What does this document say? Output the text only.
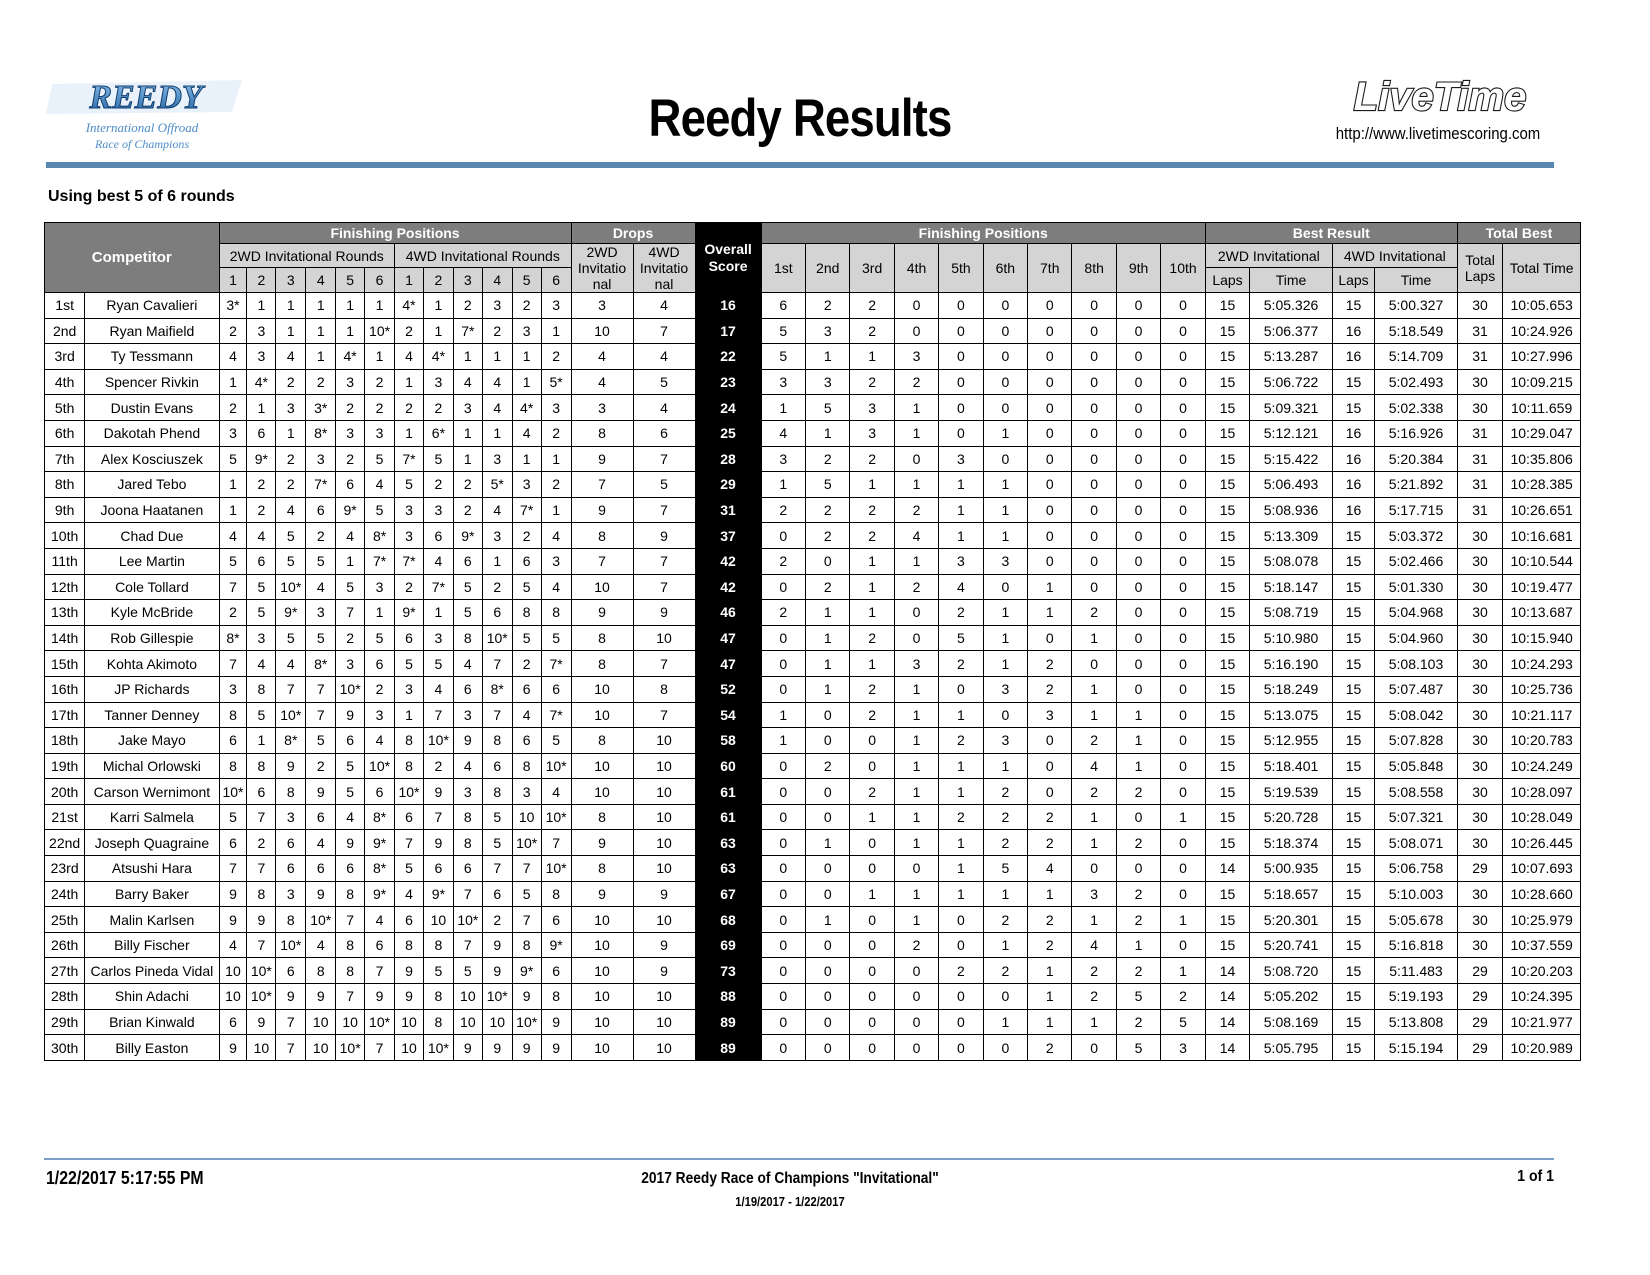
REEDY
International Offroad
Race of Champions	Reedy Results	LiveTime
http://www.livetimescoring.com
Using best 5 of 6 rounds
Competitor		Finishing Positions												Drops		Overall Score	Finishing Positions										Best Result				Total Best	
		2WD Invitational Rounds						4WD Invitational Rounds						2WD Invitatio nal	4WD Invitatio nal		1st	2nd	3rd	4th	5th	6th	7th	8th	9th	10th	2WD Invitational		4WD Invitational		Total Laps	Total Time
		1	2	3	4	5	6	1	2	3	4	5	6														Laps	Time	Laps	Time		
1st	Ryan Cavalieri	3*	1	1	1	1	1	4*	1	2	3	2	3	3	4	16	6	2	2	0	0	0	0	0	0	0	15	5:05.326	15	5:00.327	30	10:05.653
2nd	Ryan Maifield	2	3	1	1	1	10*	2	1	7*	2	3	1	10	7	17	5	3	2	0	0	0	0	0	0	0	15	5:06.377	16	5:18.549	31	10:24.926
3rd	Ty Tessmann	4	3	4	1	4*	1	4	4*	1	1	1	2	4	4	22	5	1	1	3	0	0	0	0	0	0	15	5:13.287	16	5:14.709	31	10:27.996
4th	Spencer Rivkin	1	4*	2	2	3	2	1	3	4	4	1	5*	4	5	23	3	3	2	2	0	0	0	0	0	0	15	5:06.722	15	5:02.493	30	10:09.215
5th	Dustin Evans	2	1	3	3*	2	2	2	2	3	4	4*	3	3	4	24	1	5	3	1	0	0	0	0	0	0	15	5:09.321	15	5:02.338	30	10:11.659
6th	Dakotah Phend	3	6	1	8*	3	3	1	6*	1	1	4	2	8	6	25	4	1	3	1	0	1	0	0	0	0	15	5:12.121	16	5:16.926	31	10:29.047
7th	Alex Kosciuszek	5	9*	2	3	2	5	7*	5	1	3	1	1	9	7	28	3	2	2	0	3	0	0	0	0	0	15	5:15.422	16	5:20.384	31	10:35.806
8th	Jared Tebo	1	2	2	7*	6	4	5	2	2	5*	3	2	7	5	29	1	5	1	1	1	1	0	0	0	0	15	5:06.493	16	5:21.892	31	10:28.385
9th	Joona Haatanen	1	2	4	6	9*	5	3	3	2	4	7*	1	9	7	31	2	2	2	2	1	1	0	0	0	0	15	5:08.936	16	5:17.715	31	10:26.651
10th	Chad Due	4	4	5	2	4	8*	3	6	9*	3	2	4	8	9	37	0	2	2	4	1	1	0	0	0	0	15	5:13.309	15	5:03.372	30	10:16.681
11th	Lee Martin	5	6	5	5	1	7*	7*	4	6	1	6	3	7	7	42	2	0	1	1	3	3	0	0	0	0	15	5:08.078	15	5:02.466	30	10:10.544
12th	Cole Tollard	7	5	10*	4	5	3	2	7*	5	2	5	4	10	7	42	0	2	1	2	4	0	1	0	0	0	15	5:18.147	15	5:01.330	30	10:19.477
13th	Kyle McBride	2	5	9*	3	7	1	9*	1	5	6	8	8	9	9	46	2	1	1	0	2	1	1	2	0	0	15	5:08.719	15	5:04.968	30	10:13.687
14th	Rob Gillespie	8*	3	5	5	2	5	6	3	8	10*	5	5	8	10	47	0	1	2	0	5	1	0	1	0	0	15	5:10.980	15	5:04.960	30	10:15.940
15th	Kohta Akimoto	7	4	4	8*	3	6	5	5	4	7	2	7*	8	7	47	0	1	1	3	2	1	2	0	0	0	15	5:16.190	15	5:08.103	30	10:24.293
16th	JP Richards	3	8	7	7	10*	2	3	4	6	8*	6	6	10	8	52	0	1	2	1	0	3	2	1	0	0	15	5:18.249	15	5:07.487	30	10:25.736
17th	Tanner Denney	8	5	10*	7	9	3	1	7	3	7	4	7*	10	7	54	1	0	2	1	1	0	3	1	1	0	15	5:13.075	15	5:08.042	30	10:21.117
18th	Jake Mayo	6	1	8*	5	6	4	8	10*	9	8	6	5	8	10	58	1	0	0	1	2	3	0	2	1	0	15	5:12.955	15	5:07.828	30	10:20.783
19th	Michal Orlowski	8	8	9	2	5	10*	8	2	4	6	8	10*	10	10	60	0	2	0	1	1	1	0	4	1	0	15	5:18.401	15	5:05.848	30	10:24.249
20th	Carson Wernimont	10*	6	8	9	5	6	10*	9	3	8	3	4	10	10	61	0	0	2	1	1	2	0	2	2	0	15	5:19.539	15	5:08.558	30	10:28.097
21st	Karri Salmela	5	7	3	6	4	8*	6	7	8	5	10	10*	8	10	61	0	0	1	1	2	2	2	1	0	1	15	5:20.728	15	5:07.321	30	10:28.049
22nd	Joseph Quagraine	6	2	6	4	9	9*	7	9	8	5	10*	7	9	10	63	0	1	0	1	1	2	2	1	2	0	15	5:18.374	15	5:08.071	30	10:26.445
23rd	Atsushi Hara	7	7	6	6	6	8*	5	6	6	7	7	10*	8	10	63	0	0	0	0	1	5	4	0	0	0	14	5:00.935	15	5:06.758	29	10:07.693
24th	Barry Baker	9	8	3	9	8	9*	4	9*	7	6	5	8	9	9	67	0	0	1	1	1	1	1	3	2	0	15	5:18.657	15	5:10.003	30	10:28.660
25th	Malin Karlsen	9	9	8	10*	7	4	6	10	10*	2	7	6	10	10	68	0	1	0	1	0	2	2	1	2	1	15	5:20.301	15	5:05.678	30	10:25.979
26th	Billy Fischer	4	7	10*	4	8	6	8	8	7	9	8	9*	10	9	69	0	0	0	2	0	1	2	4	1	0	15	5:20.741	15	5:16.818	30	10:37.559
27th	Carlos Pineda Vidal	10	10*	6	8	8	7	9	5	5	9	9*	6	10	9	73	0	0	0	0	2	2	1	2	2	1	14	5:08.720	15	5:11.483	29	10:20.203
28th	Shin Adachi	10	10*	9	9	7	9	9	8	10	10*	9	8	10	10	88	0	0	0	0	0	0	1	2	5	2	14	5:05.202	15	5:19.193	29	10:24.395
29th	Brian Kinwald	6	9	7	10	10	10*	10	8	10	10	10*	9	10	10	89	0	0	0	0	0	1	1	1	2	5	14	5:08.169	15	5:13.808	29	10:21.977
30th	Billy Easton	9	10	7	10	10*	7	10	10*	9	9	9	9	10	10	89	0	0	0	0	0	0	2	0	5	3	14	5:05.795	15	5:15.194	29	10:20.989
1/22/2017 5:17:55 PM	2017 Reedy Race of Champions "Invitational"
1/19/2017 - 1/22/2017
1 of 1
